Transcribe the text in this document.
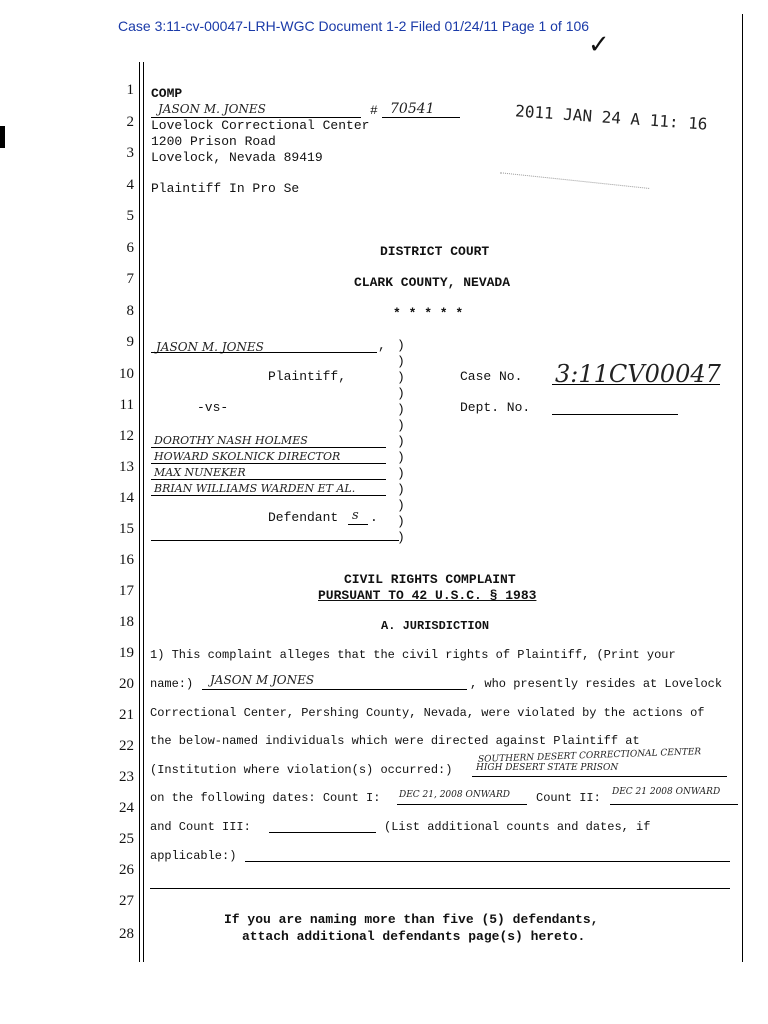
Case 3:11-cv-00047-LRH-WGC Document 1-2 Filed 01/24/11 Page 1 of 106
✓
1
2
3
4
5
6
7
8
9
10
11
12
13
14
15
16
17
18
19
20
21
22
23
24
25
26
27
28
COMP
JASON M. JONES	# 70541
Lovelock Correctional Center
1200 Prison Road
Lovelock, Nevada 89419
Plaintiff In Pro Se
2011 JAN 24 A 11: 16
DISTRICT COURT
CLARK COUNTY, NEVADA
* * * * *
JASON M. JONES	,
Plaintiff,
-vs-
DOROTHY NASH HOLMES
HOWARD SKOLNICK DIRECTOR
MAX NUNEKER
BRIAN WILLIAMS WARDEN ET AL.
Defendant s .
)
)
)
)
)
)
)
)
)
)
)
)
)
Case No. 3:11CV00047
Dept. No.
CIVIL RIGHTS COMPLAINT
PURSUANT TO 42 U.S.C. § 1983
A. JURISDICTION
1) This complaint alleges that the civil rights of Plaintiff, (Print your
name:) JASON M JONES	, who presently resides at Lovelock
Correctional Center, Pershing County, Nevada, were violated by the actions of
the below-named individuals which were directed against Plaintiff at
(Institution where violation(s) occurred:)
SOUTHERN DESERT CORRECTIONAL CENTER
HIGH DESERT STATE PRISON
on the following dates: Count I: DEC 21, 2008 ONWARD Count II: DEC 21 2008 ONWARD
and Count III:	(List additional counts and dates, if
applicable:)
If you are naming more than five (5) defendants,
attach additional defendants page(s) hereto.
